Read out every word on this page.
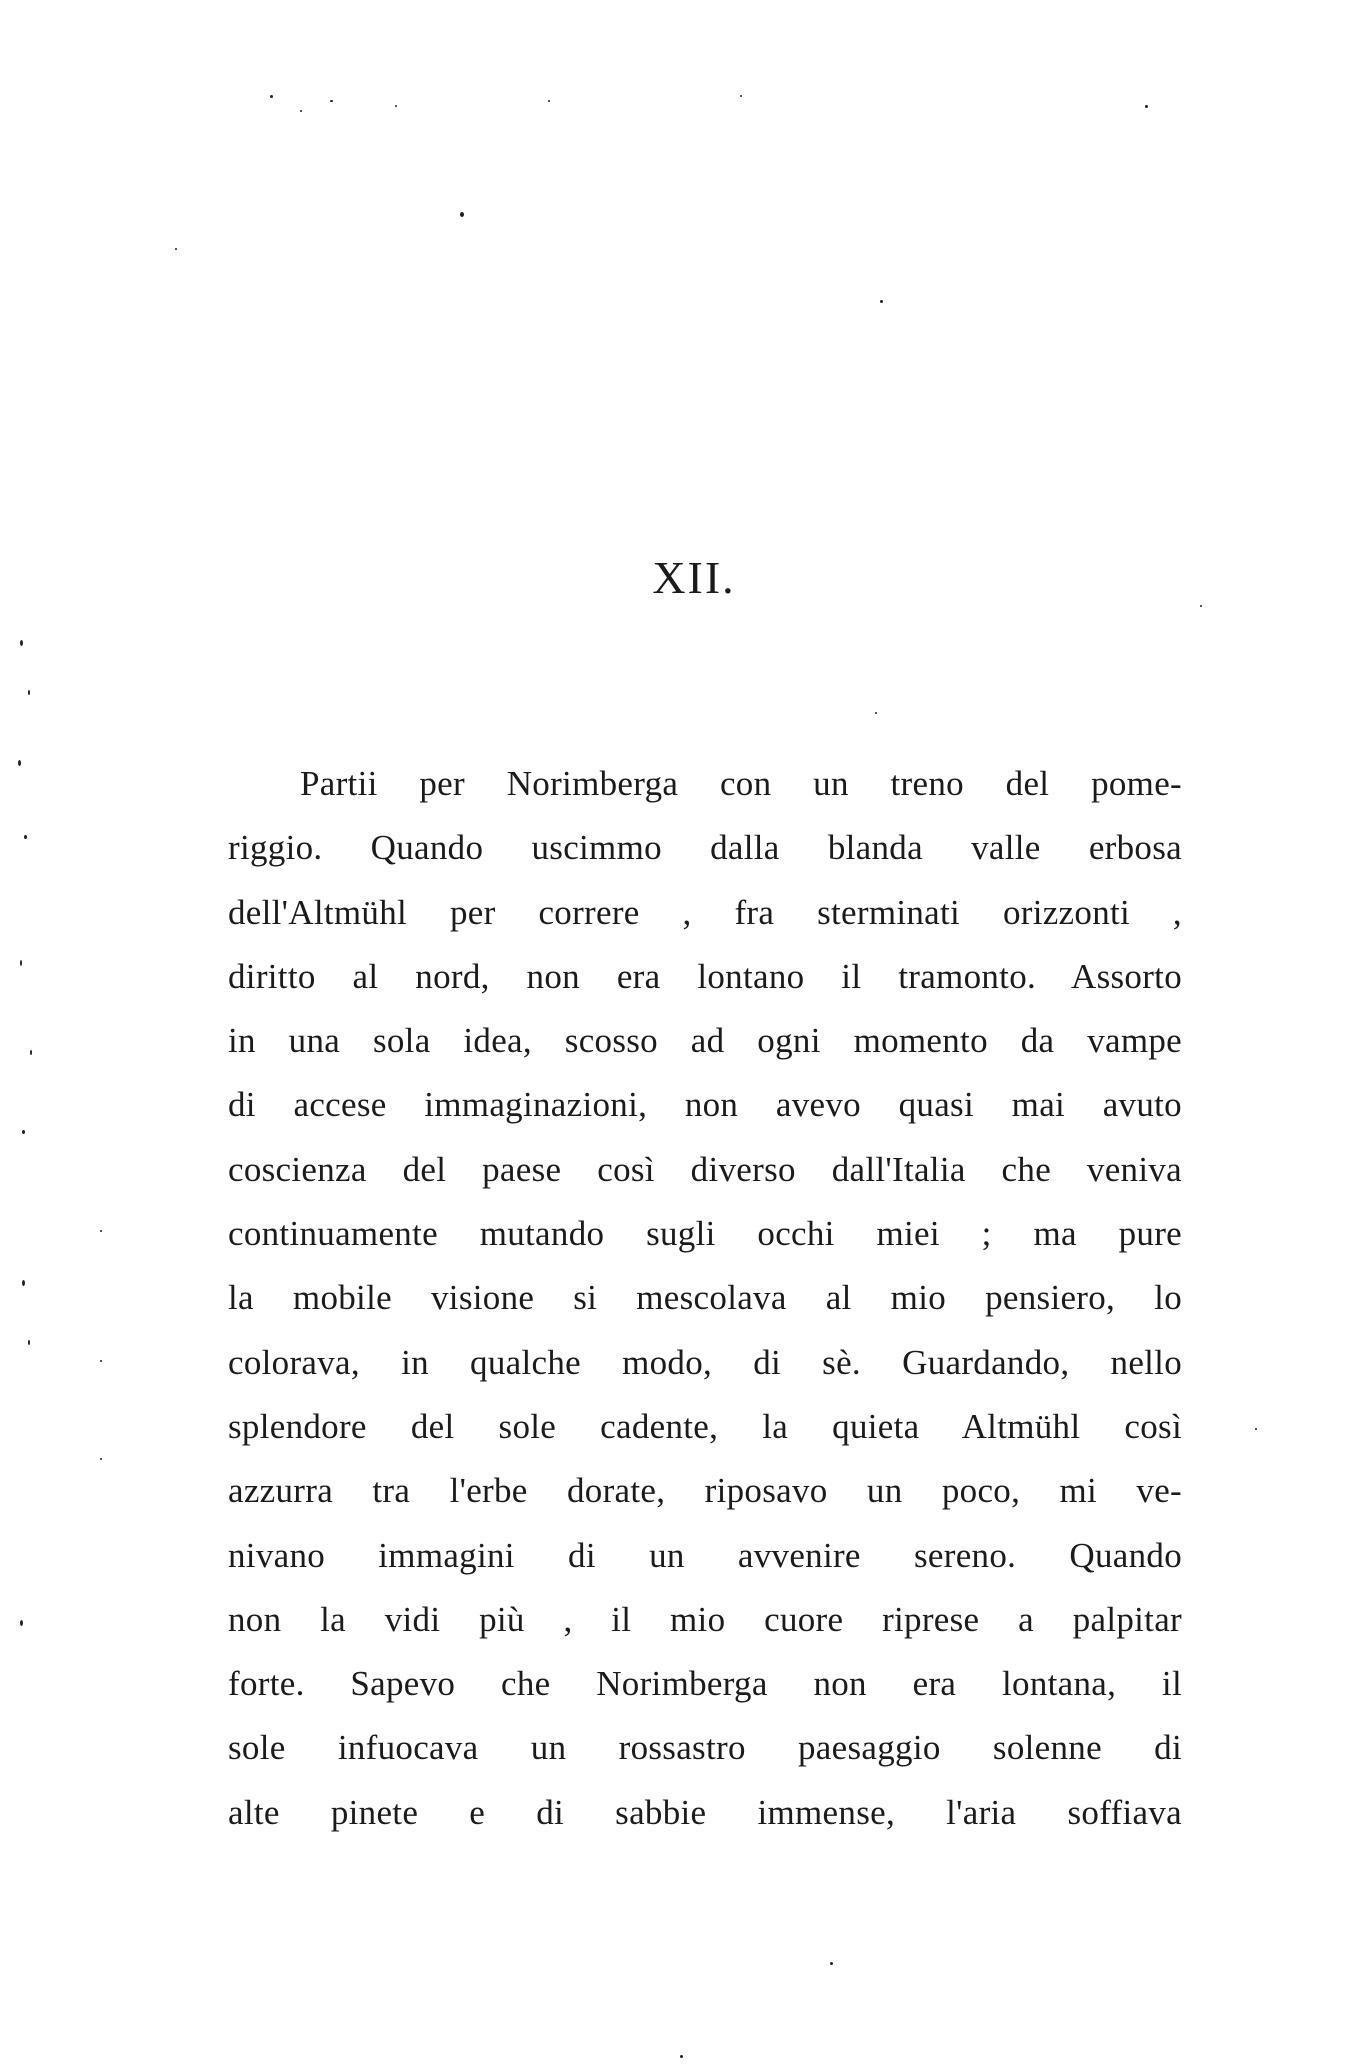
XII.
Partii per Norimberga con un treno del pome-
riggio. Quando uscimmo dalla blanda valle erbosa
dell'Altmühl per correre , fra sterminati orizzonti ,
diritto al nord, non era lontano il tramonto. Assorto
in una sola idea, scosso ad ogni momento da vampe
di accese immaginazioni, non avevo quasi mai avuto
coscienza del paese così diverso dall'Italia che veniva
continuamente mutando sugli occhi miei ; ma pure
la mobile visione si mescolava al mio pensiero, lo
colorava, in qualche modo, di sè. Guardando, nello
splendore del sole cadente, la quieta Altmühl così
azzurra tra l'erbe dorate, riposavo un poco, mi ve-
nivano immagini di un avvenire sereno. Quando
non la vidi più , il mio cuore riprese a palpitar
forte. Sapevo che Norimberga non era lontana, il
sole infuocava un rossastro paesaggio solenne di
alte pinete e di sabbie immense, l'aria soffiava
